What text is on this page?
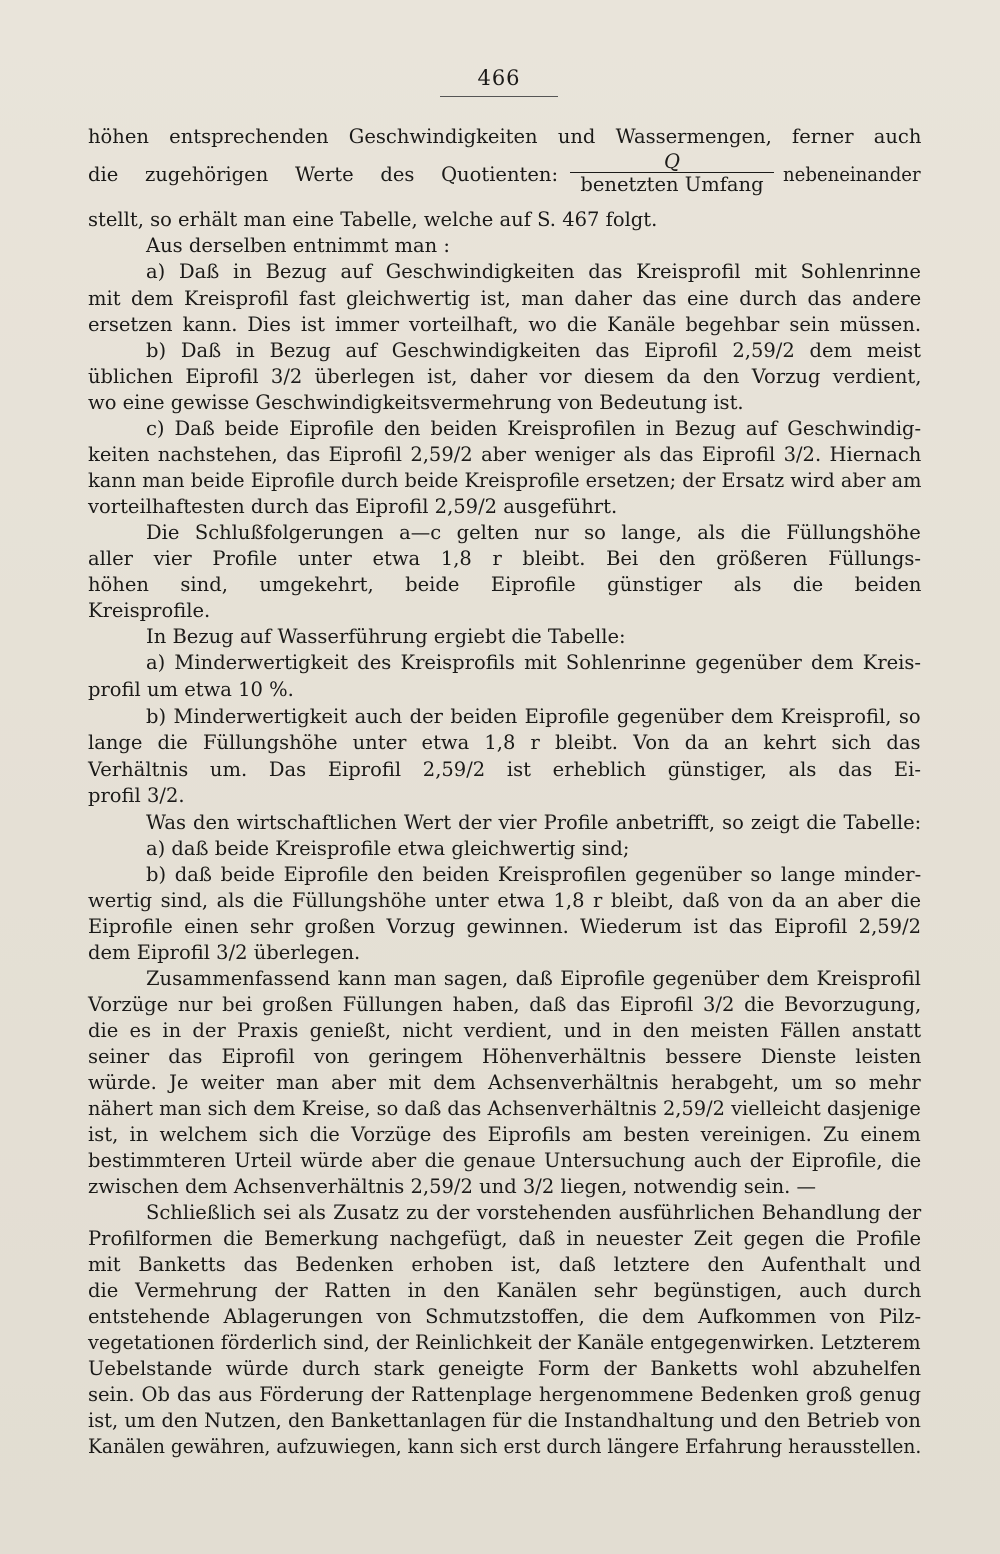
466
Q
benetzten Umfang
höhen entsprechenden Geschwindigkeiten und Wassermengen, ferner auch
die zugehörigen Werte des Quotienten:	nebeneinander
stellt, so erhält man eine Tabelle, welche auf S. 467 folgt.
Aus derselben entnimmt man :
a) Daß in Bezug auf Geschwindigkeiten das Kreisprofil mit Sohlenrinne
mit dem Kreisprofil fast gleichwertig ist, man daher das eine durch das andere
ersetzen kann. Dies ist immer vorteilhaft, wo die Kanäle begehbar sein müssen.
b) Daß in Bezug auf Geschwindigkeiten das Eiprofil 2,59/2 dem meist
üblichen Eiprofil 3/2 überlegen ist, daher vor diesem da den Vorzug verdient,
wo eine gewisse Geschwindigkeitsvermehrung von Bedeutung ist.
c) Daß beide Eiprofile den beiden Kreisprofilen in Bezug auf Geschwindig-
keiten nachstehen, das Eiprofil 2,59/2 aber weniger als das Eiprofil 3/2. Hiernach
kann man beide Eiprofile durch beide Kreisprofile ersetzen; der Ersatz wird aber am
vorteilhaftesten durch das Eiprofil 2,59/2 ausgeführt.
Die Schlußfolgerungen a—c gelten nur so lange, als die Füllungshöhe
aller vier Profile unter etwa 1,8 r bleibt. Bei den größeren Füllungs-
höhen sind, umgekehrt, beide Eiprofile günstiger als die beiden
Kreisprofile.
In Bezug auf Wasserführung ergiebt die Tabelle:
a) Minderwertigkeit des Kreisprofils mit Sohlenrinne gegenüber dem Kreis-
profil um etwa 10 %.
b) Minderwertigkeit auch der beiden Eiprofile gegenüber dem Kreisprofil, so
lange die Füllungshöhe unter etwa 1,8 r bleibt. Von da an kehrt sich das
Verhältnis um. Das Eiprofil 2,59/2 ist erheblich günstiger, als das Ei-
profil 3/2.
Was den wirtschaftlichen Wert der vier Profile anbetrifft, so zeigt die Tabelle:
a) daß beide Kreisprofile etwa gleichwertig sind;
b) daß beide Eiprofile den beiden Kreisprofilen gegenüber so lange minder-
wertig sind, als die Füllungshöhe unter etwa 1,8 r bleibt, daß von da an aber die
Eiprofile einen sehr großen Vorzug gewinnen. Wiederum ist das Eiprofil 2,59/2
dem Eiprofil 3/2 überlegen.
Zusammenfassend kann man sagen, daß Eiprofile gegenüber dem Kreisprofil
Vorzüge nur bei großen Füllungen haben, daß das Eiprofil 3/2 die Bevorzugung,
die es in der Praxis genießt, nicht verdient, und in den meisten Fällen anstatt
seiner das Eiprofil von geringem Höhenverhältnis bessere Dienste leisten
würde. Je weiter man aber mit dem Achsenverhältnis herabgeht, um so mehr
nähert man sich dem Kreise, so daß das Achsenverhältnis 2,59/2 vielleicht dasjenige
ist, in welchem sich die Vorzüge des Eiprofils am besten vereinigen. Zu einem
bestimmteren Urteil würde aber die genaue Untersuchung auch der Eiprofile, die
zwischen dem Achsenverhältnis 2,59/2 und 3/2 liegen, notwendig sein. —
Schließlich sei als Zusatz zu der vorstehenden ausführlichen Behandlung der
Profilformen die Bemerkung nachgefügt, daß in neuester Zeit gegen die Profile
mit Banketts das Bedenken erhoben ist, daß letztere den Aufenthalt und
die Vermehrung der Ratten in den Kanälen sehr begünstigen, auch durch
entstehende Ablagerungen von Schmutzstoffen, die dem Aufkommen von Pilz-
vegetationen förderlich sind, der Reinlichkeit der Kanäle entgegenwirken. Letzterem
Uebelstande würde durch stark geneigte Form der Banketts wohl abzuhelfen
sein. Ob das aus Förderung der Rattenplage hergenommene Bedenken groß genug
ist, um den Nutzen, den Bankettanlagen für die Instandhaltung und den Betrieb von
Kanälen gewähren, aufzuwiegen, kann sich erst durch längere Erfahrung herausstellen.
